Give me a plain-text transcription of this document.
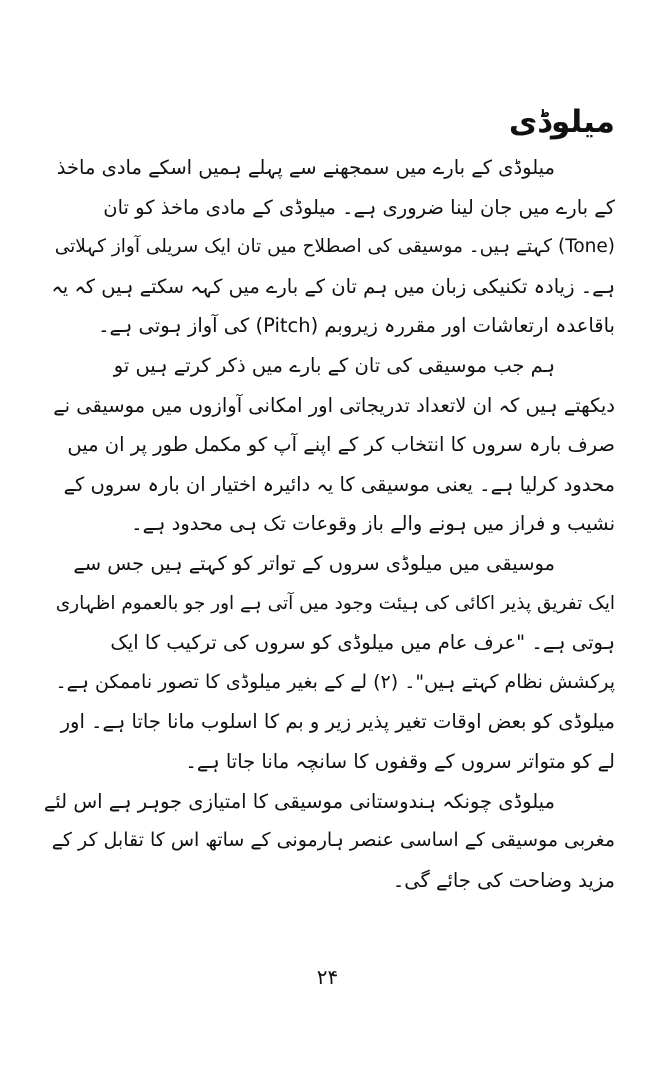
میلوڈی
میلوڈی کے بارے میں سمجھنے سے پہلے ہمیں اسکے مادی ماخذ
کے بارے میں جان لینا ضروری ہے۔ میلوڈی کے مادی ماخذ کو تان
(Tone) کہتے ہیں۔ موسیقی کی اصطلاح میں تان ایک سریلی آواز کہلاتی
ہے۔ زیادہ تکنیکی زبان میں ہم تان کے بارے میں کہہ سکتے ہیں کہ یہ
باقاعدہ ارتعاشات اور مقررہ زیروبم (Pitch) کی آواز ہوتی ہے۔
ہم جب موسیقی کی تان کے بارے میں ذکر کرتے ہیں تو
دیکھتے ہیں کہ ان لاتعداد تدریجاتی اور امکانی آوازوں میں موسیقی نے
صرف بارہ سروں کا انتخاب کر کے اپنے آپ کو مکمل طور پر ان میں
محدود کرلیا ہے۔ یعنی موسیقی کا یہ دائیرہ اختیار ان بارہ سروں کے
نشیب و فراز میں ہونے والے باز وقوعات تک ہی محدود ہے۔
موسیقی میں میلوڈی سروں کے تواتر کو کہتے ہیں جس سے
ایک تفریق پذیر اکائی کی ہیئت وجود میں آتی ہے اور جو بالعموم اظہاری
ہوتی ہے۔ "عرف عام میں میلوڈی کو سروں کی ترکیب کا ایک
پرکشش نظام کہتے ہیں"۔ (۲) لے کے بغیر میلوڈی کا تصور ناممکن ہے۔
میلوڈی کو بعض اوقات تغیر پذیر زیر و بم کا اسلوب مانا جاتا ہے۔ اور
لے کو متواتر سروں کے وقفوں کا سانچہ مانا جاتا ہے۔
میلوڈی چونکہ ہندوستانی موسیقی کا امتیازی جوہر ہے اس لئے
مغربی موسیقی کے اساسی عنصر ہارمونی کے ساتھ اس کا تقابل کر کے
مزید وضاحت کی جائے گی۔
۲۴
